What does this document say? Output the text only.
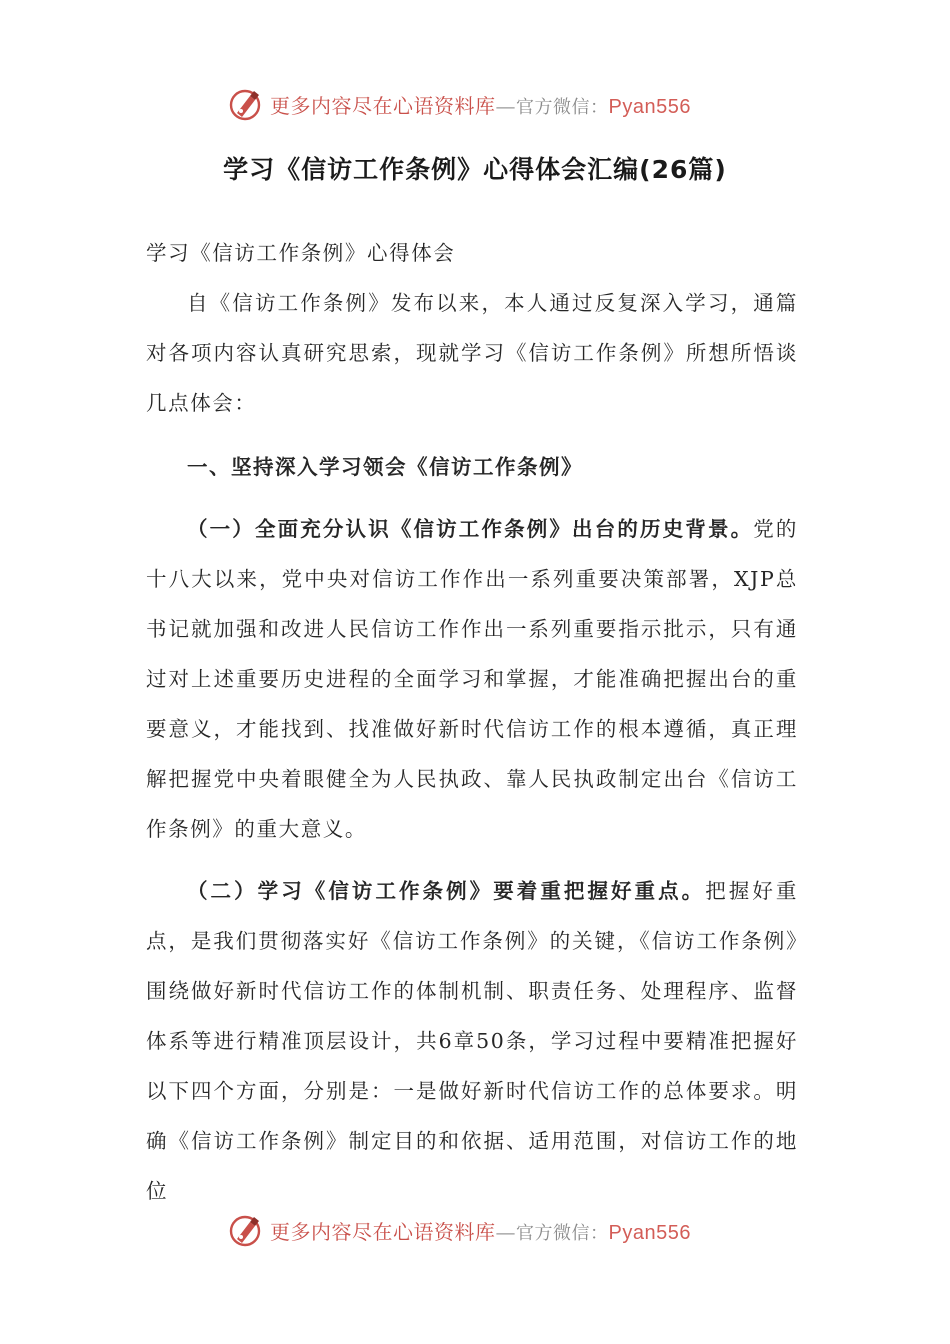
更多内容尽在心语资料库—官方微信：Pyan556
学习《信访工作条例》心得体会汇编(26篇)

学习《信访工作条例》心得体会

自《信访工作条例》发布以来，本人通过反复深入学习，通篇对各项内容认真研究思索，现就学习《信访工作条例》所想所悟谈几点体会：

一、坚持深入学习领会《信访工作条例》

（一）全面充分认识《信访工作条例》出台的历史背景。党的十八大以来，党中央对信访工作作出一系列重要决策部署，XJP总书记就加强和改进人民信访工作作出一系列重要指示批示，只有通过对上述重要历史进程的全面学习和掌握，才能准确把握出台的重要意义，才能找到、找准做好新时代信访工作的根本遵循，真正理解把握党中央着眼健全为人民执政、靠人民执政制定出台《信访工作条例》的重大意义。

（二）学习《信访工作条例》要着重把握好重点。把握好重点，是我们贯彻落实好《信访工作条例》的关键，《信访工作条例》围绕做好新时代信访工作的体制机制、职责任务、处理程序、监督体系等进行精准顶层设计，共6章50条，学习过程中要精准把握好以下四个方面，分别是：一是做好新时代信访工作的总体要求。明确《信访工作条例》制定目的和依据、适用范围，对信访工作的地位

更多内容尽在心语资料库—官方微信：Pyan556
